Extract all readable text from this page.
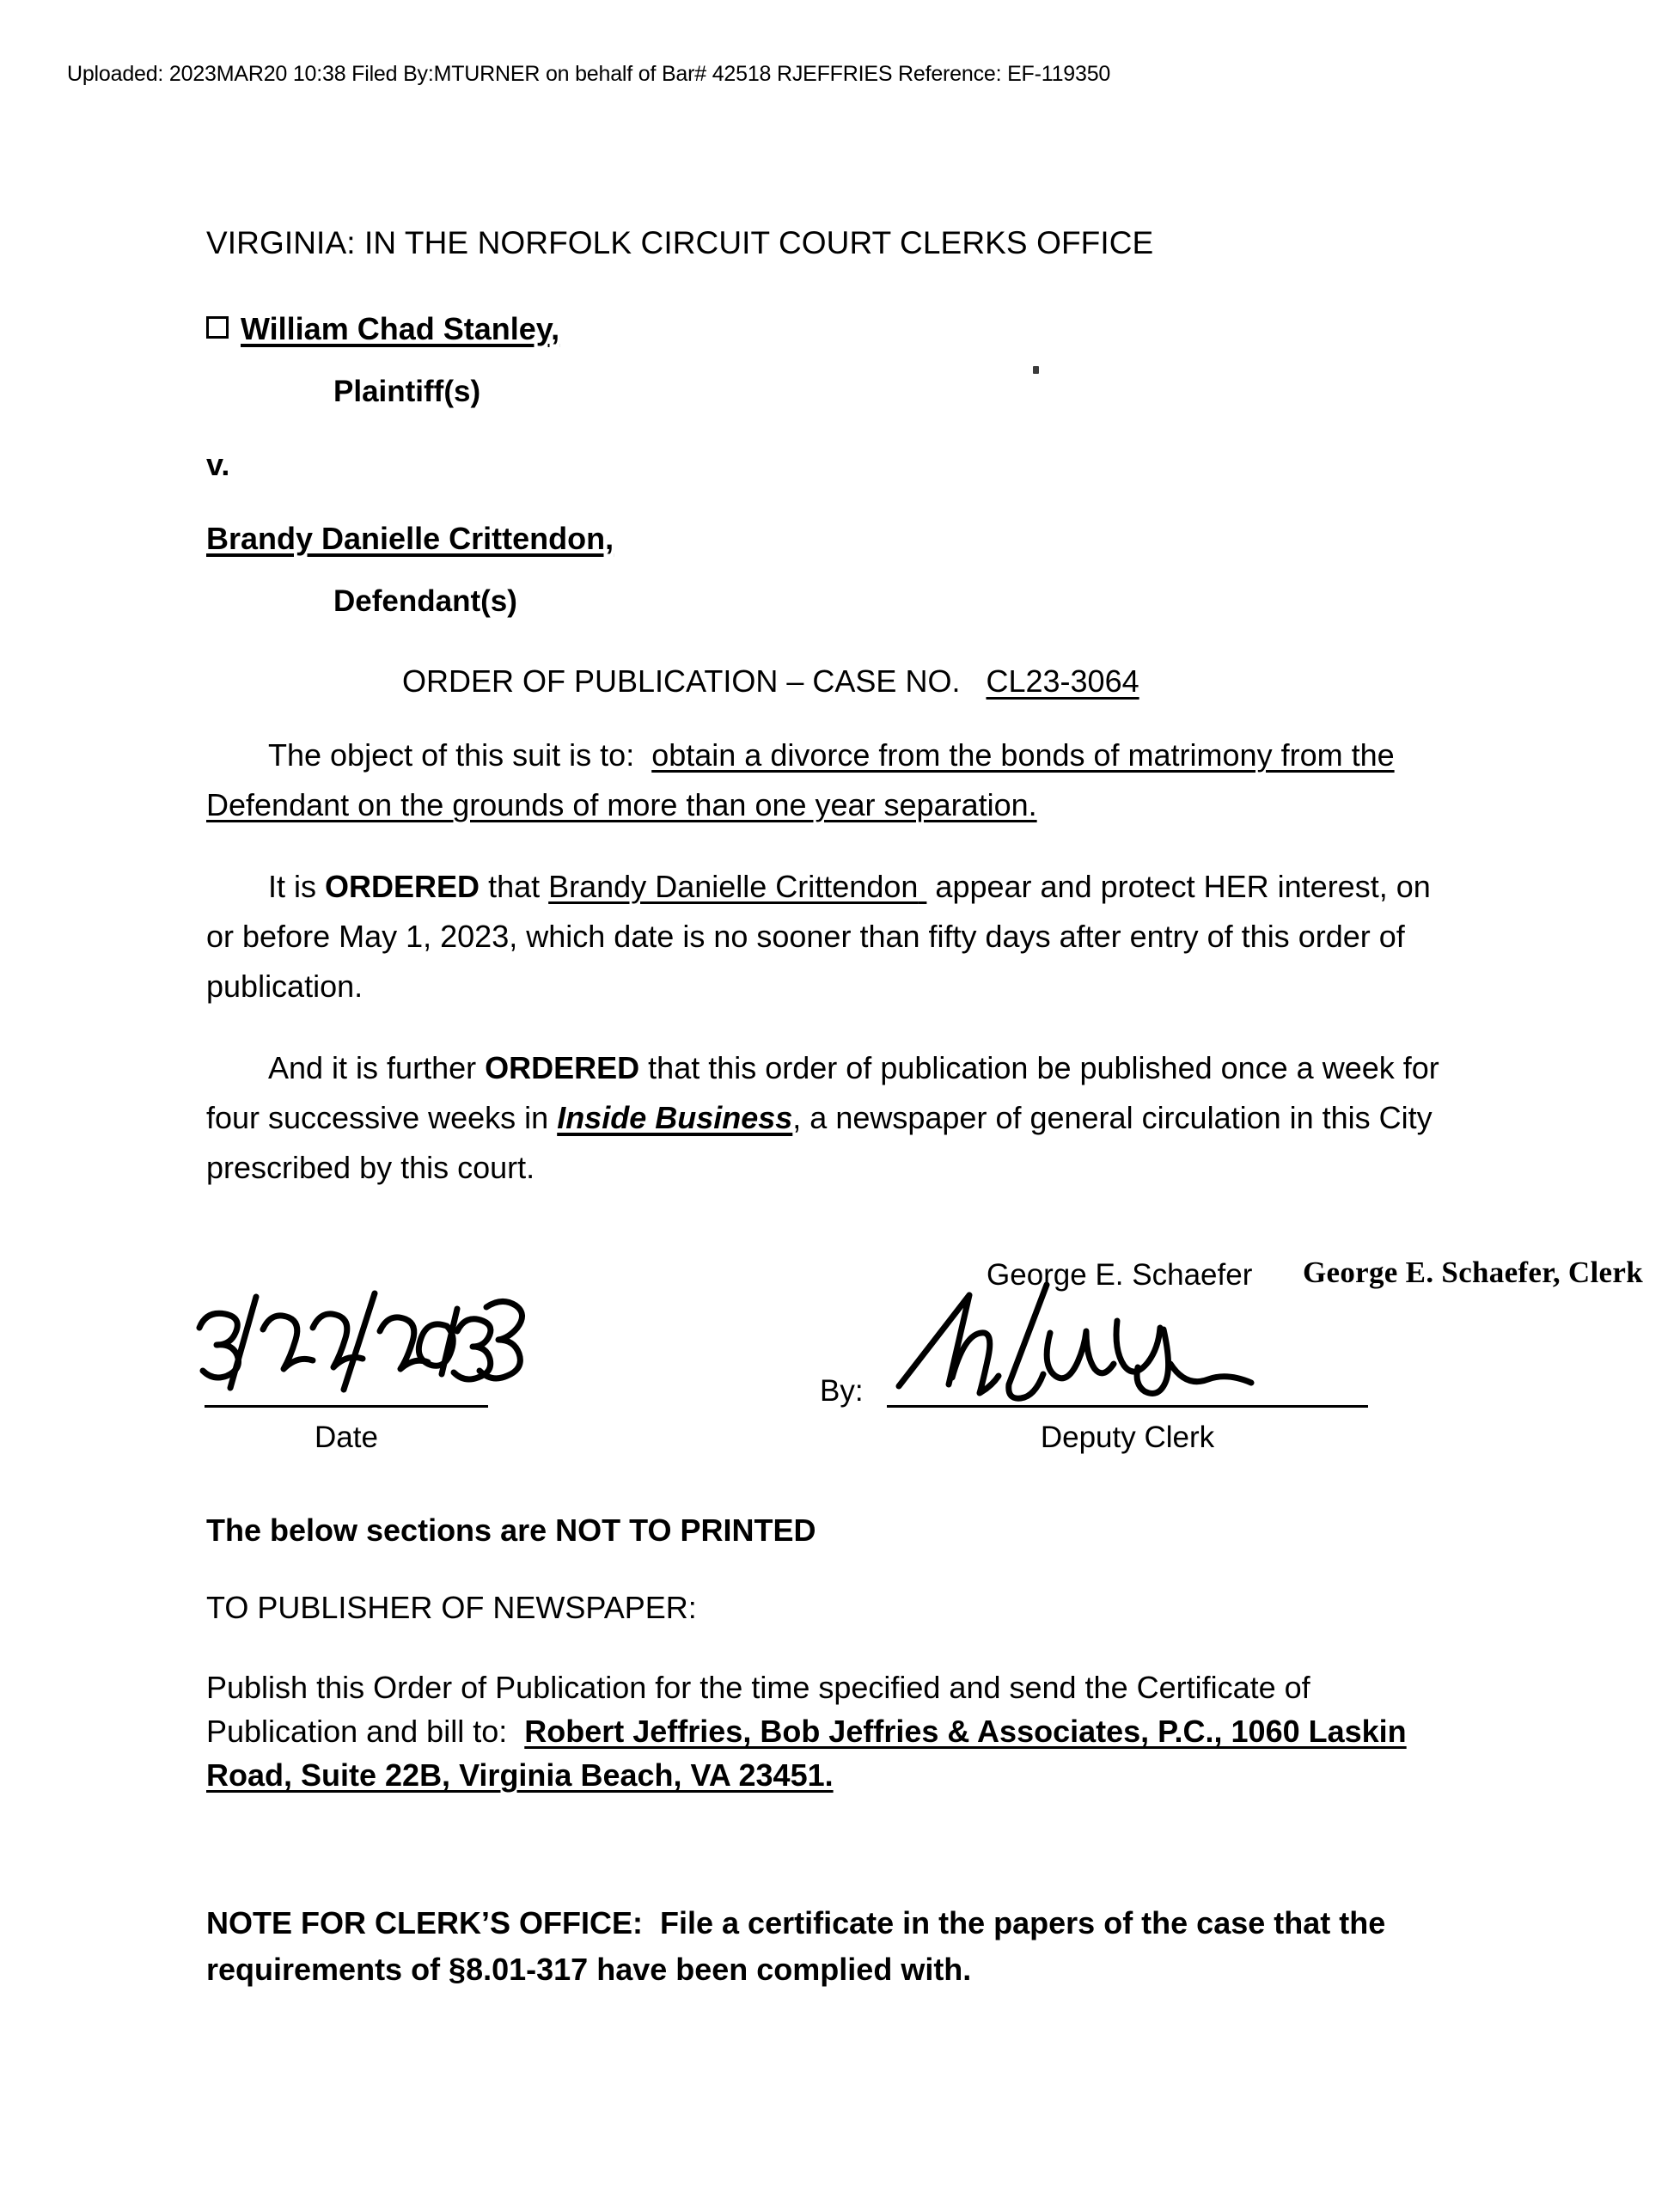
Uploaded: 2023MAR20 10:38 Filed By:MTURNER on behalf of Bar# 42518 RJEFFRIES Reference: EF-119350
VIRGINIA: IN THE NORFOLK CIRCUIT COURT CLERKS OFFICE
William Chad Stanley,
Plaintiff(s)
v.
Brandy Danielle Crittendon,
Defendant(s)
ORDER OF PUBLICATION – CASE NO. CL23-3064
The object of this suit is to: obtain a divorce from the bonds of matrimony from the Defendant on the grounds of more than one year separation.
It is ORDERED that Brandy Danielle Crittendon appear and protect HER interest, on or before May 1, 2023, which date is no sooner than fifty days after entry of this order of publication.
And it is further ORDERED that this order of publication be published once a week for four successive weeks in Inside Business, a newspaper of general circulation in this City prescribed by this court.
George E. Schaefer George E. Schaefer, Clerk
Date
By:
Deputy Clerk
The below sections are NOT TO PRINTED
TO PUBLISHER OF NEWSPAPER:
Publish this Order of Publication for the time specified and send the Certificate of Publication and bill to: Robert Jeffries, Bob Jeffries & Associates, P.C., 1060 Laskin Road, Suite 22B, Virginia Beach, VA 23451.
NOTE FOR CLERK’S OFFICE: File a certificate in the papers of the case that the requirements of §8.01-317 have been complied with.
